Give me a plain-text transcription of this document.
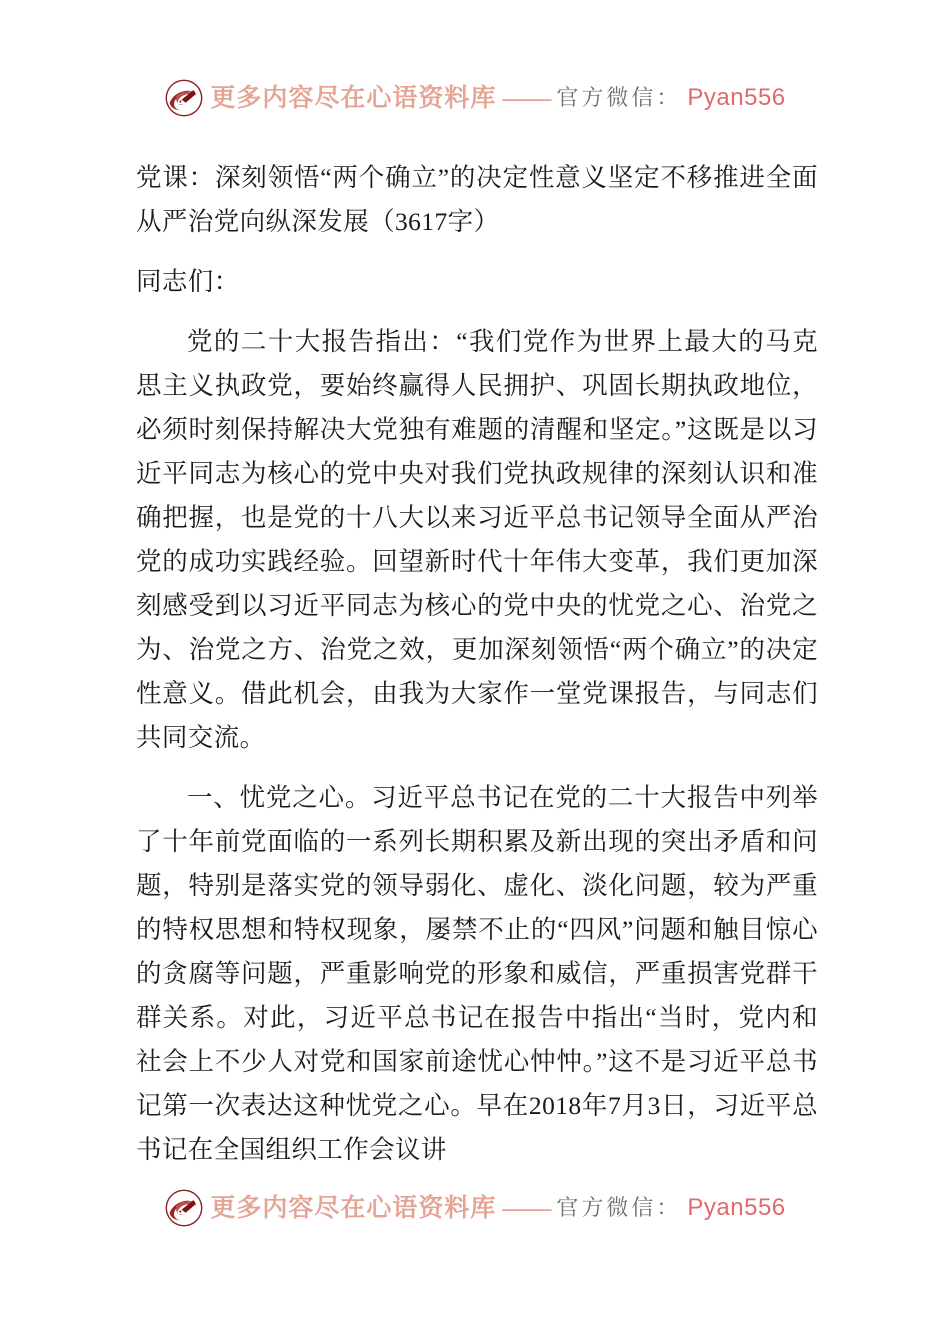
更多内容尽在心语资料库 —— 官方微信： Pyan556

党课：深刻领悟“两个确立”的决定性意义坚定不移推进全面从严治党向纵深发展（3617字）

同志们：

党的二十大报告指出：“我们党作为世界上最大的马克思主义执政党，要始终赢得人民拥护、巩固长期执政地位，必须时刻保持解决大党独有难题的清醒和坚定。”这既是以习近平同志为核心的党中央对我们党执政规律的深刻认识和准确把握，也是党的十八大以来习近平总书记领导全面从严治党的成功实践经验。回望新时代十年伟大变革，我们更加深刻感受到以习近平同志为核心的党中央的忧党之心、治党之为、治党之方、治党之效，更加深刻领悟“两个确立”的决定性意义。借此机会，由我为大家作一堂党课报告，与同志们共同交流。

一、忧党之心。习近平总书记在党的二十大报告中列举了十年前党面临的一系列长期积累及新出现的突出矛盾和问题，特别是落实党的领导弱化、虚化、淡化问题，较为严重的特权思想和特权现象，屡禁不止的“四风”问题和触目惊心的贪腐等问题，严重影响党的形象和威信，严重损害党群干群关系。对此，习近平总书记在报告中指出“当时，党内和社会上不少人对党和国家前途忧心忡忡。”这不是习近平总书记第一次表达这种忧党之心。早在2018年7月3日，习近平总书记在全国组织工作会议讲

更多内容尽在心语资料库 —— 官方微信： Pyan556
